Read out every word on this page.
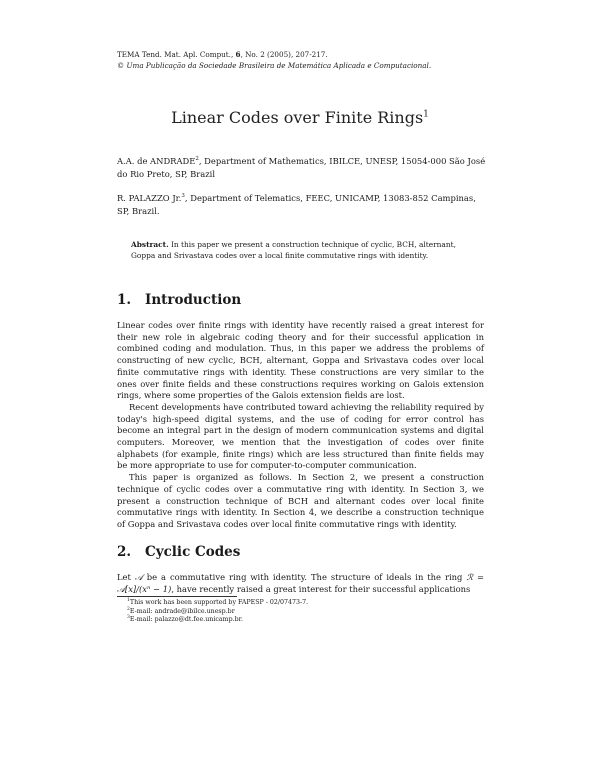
TEMA Tend. Mat. Apl. Comput., 6, No. 2 (2005), 207-217.
© Uma Publicação da Sociedade Brasileira de Matemática Aplicada e Computacional.
Linear Codes over Finite Rings$^1$
A.A. de ANDRADE$^2$, Department of Mathematics, IBILCE, UNESP, 15054-000 São José do Rio Preto, SP, Brazil
R. PALAZZO Jr.$^3$, Department of Telematics, FEEC, UNICAMP, 13083-852 Campinas, SP, Brazil.
Abstract. In this paper we present a construction technique of cyclic, BCH, alternant, Goppa and Srivastava codes over a local finite commutative rings with identity.
1. Introduction

Linear codes over finite rings with identity have recently raised a great interest for their new role in algebraic coding theory and for their successful application in combined coding and modulation. Thus, in this paper we address the problems of constructing of new cyclic, BCH, alternant, Goppa and Srivastava codes over local finite commutative rings with identity. These constructions are very similar to the ones over finite fields and these constructions requires working on Galois extension rings, where some properties of the Galois extension fields are lost.

Recent developments have contributed toward achieving the reliability required by today's high-speed digital systems, and the use of coding for error control has become an integral part in the design of modern communication systems and digital computers. Moreover, we mention that the investigation of codes over finite alphabets (for example, finite rings) which are less structured than finite fields may be more appropriate to use for computer-to-computer communication.

This paper is organized as follows. In Section 2, we present a construction technique of cyclic codes over a commutative ring with identity. In Section 3, we present a construction technique of BCH and alternant codes over local finite commutative rings with identity. In Section 4, we describe a construction technique of Goppa and Srivastava codes over local finite commutative rings with identity.

2. Cyclic Codes

Let 𝒜 be a commutative ring with identity. The structure of ideals in the ring ℛ = 𝒜[x]/(xⁿ − 1), have recently raised a great interest for their successful applications

$^1$This work has been supported by FAPESP - 02/07473-7.
$^2$E-mail: andrade@ibilce.unesp.br
$^3$E-mail: palazzo@dt.fee.unicamp.br.
